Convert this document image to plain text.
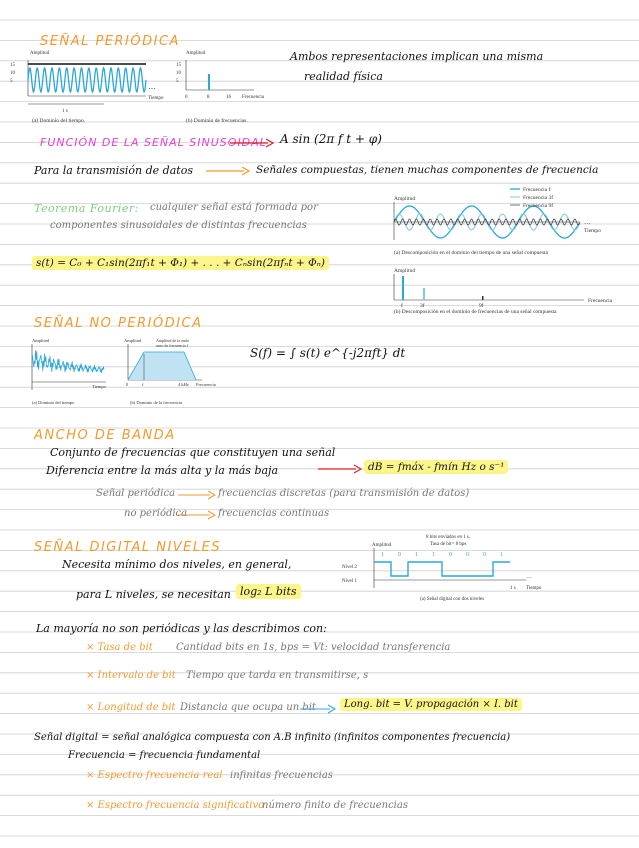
SEÑAL PERIÓDICA
Amplitud
15
10
5
…
Tiempo
1 s
(a) Dominio del tiempo.
Amplitud
15
10
5
0	8	16 Frecuencia
(b) Dominio de frecuencias.
Ambos representaciones implican una misma
realidad física
FUNCIÓN DE LA SEÑAL SINUSOIDAL A sin (2π f t + φ)
Para la transmisión de datos	Señales compuestas, tienen muchas componentes de frecuencia
Teorema Fourier: cualquier señal está formada por
componentes sinusoidales de distintas frecuencias
s(t) = C₀ + C₁sin(2πf₁t + Φ₁) + . . . + Cₙsin(2πfₙt + Φₙ)
Amplitud
Frecuencia f
Frecuencia 3f
Frecuencia 9f
…
Tiempo
(a) Descomposición en el dominio del tiempo de una señal compuesta
Amplitud
f	3f	9f
Frecuencia
(b) Descomposición en el dominio de frecuencias de una señal compuesta
SEÑAL NO PERIÓDICA
Amplitud
Tiempo
(a) Dominio del tiempo
Amplitud	Amplitud de la onda
seno de frecuencia f
0	f	4 kHz Frecuencia
(b) Dominio de la frecuencia
S(f) = ∫ s(t) e^{-j2πft} dt
ANCHO DE BANDA
Conjunto de frecuencias que constituyen una señal
Diferencia entre la más alta y la más baja	dB = fmáx - fmín Hz o s⁻¹
Señal periódica	frecuencias discretas (para transmisión de datos)
no periódica	frecuencias continuas
SEÑAL DIGITAL NIVELES
Necesita mínimo dos niveles, en general,
para L niveles, se necesitan log₂ L bits
8 bits enviados en 1 s.
Tasa de bit= 8 bps
Amplitud
1 0 1 1 0 0 0 1
Nivel 2
Nivel 1
…
1 s Tiempo
(a) Señal digital con dos niveles
La mayoría no son periódicas y las describimos con:
× Tasa de bit Cantidad bits en 1s, bps = Vt: velocidad transferencia
× Intervalo de bit Tiempo que tarda en transmitirse, s
× Longitud de bit Distancia que ocupa un bit	Long. bit = V. propagación × I. bit
Señal digital = señal analógica compuesta con A.B infinito (infinitos componentes frecuencia)
Frecuencia = frecuencia fundamental
× Espectro frecuencia real infinitas frecuencias
× Espectro frecuencia significativo
número finito de frecuencias
